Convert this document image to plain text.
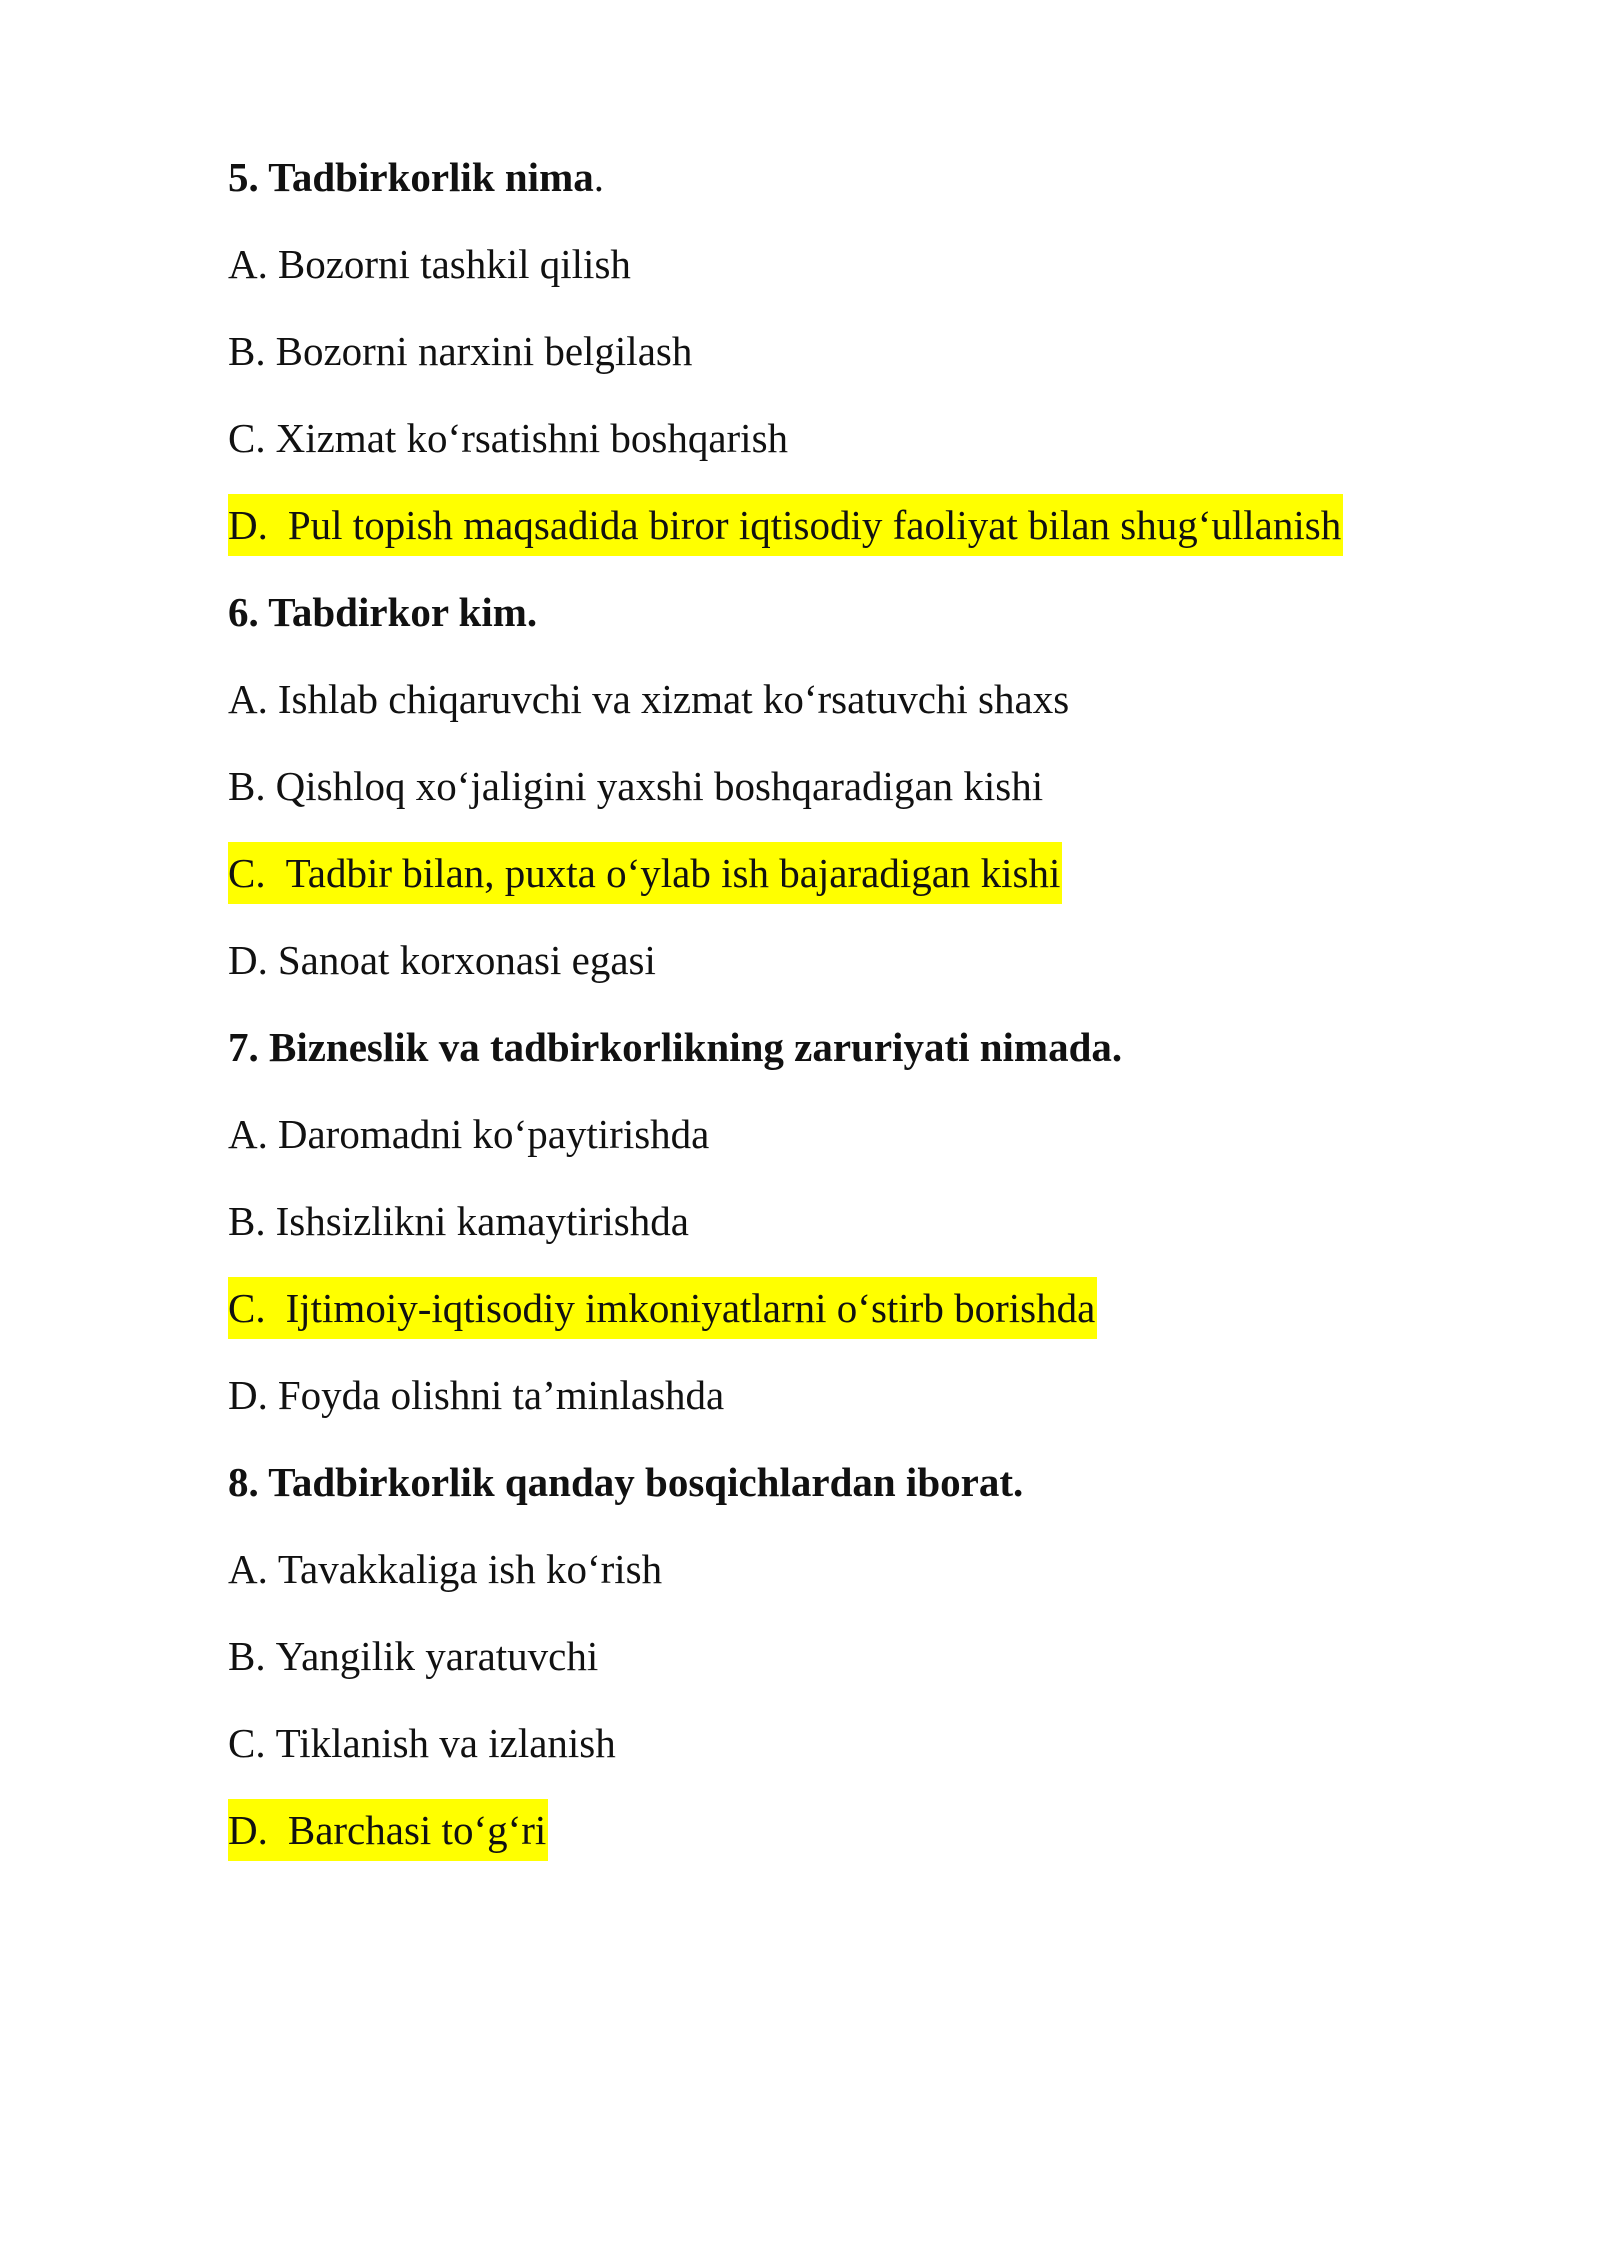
5. Tadbirkorlik nima .
A. Bozorni tashkil qilish
B. Bozorni narxini belgilash
C. Xizmat ko‘rsatishni boshqarish
D. Pul topish maqsadida biror iqtisodiy faoliyat bilan shug‘ullanish
6. Tabdirkor kim.
A. Ishlab chiqaruvchi va xizmat ko‘rsatuvchi shaxs
B. Qishloq xo‘jaligini yaxshi boshqaradigan kishi
C. Tadbir bilan, puxta o‘ylab ish bajaradigan kishi
D. Sanoat korxonasi egasi
7. Bizneslik va tadbirkorlikning zaruriyati nimada.
A. Daromadni ko‘paytirishda
B. Ishsizlikni kamaytirishda
C. Ijtimoiy-iqtisodiy imkoniyatlarni o‘stirb borishda
D. Foyda olishni ta’minlashda
8. Tadbirkorlik qanday bosqichlardan iborat.
A. Tavakkaliga ish ko‘rish
B. Yangilik yaratuvchi
C. Tiklanish va izlanish
D. Barchasi to‘g‘ri
